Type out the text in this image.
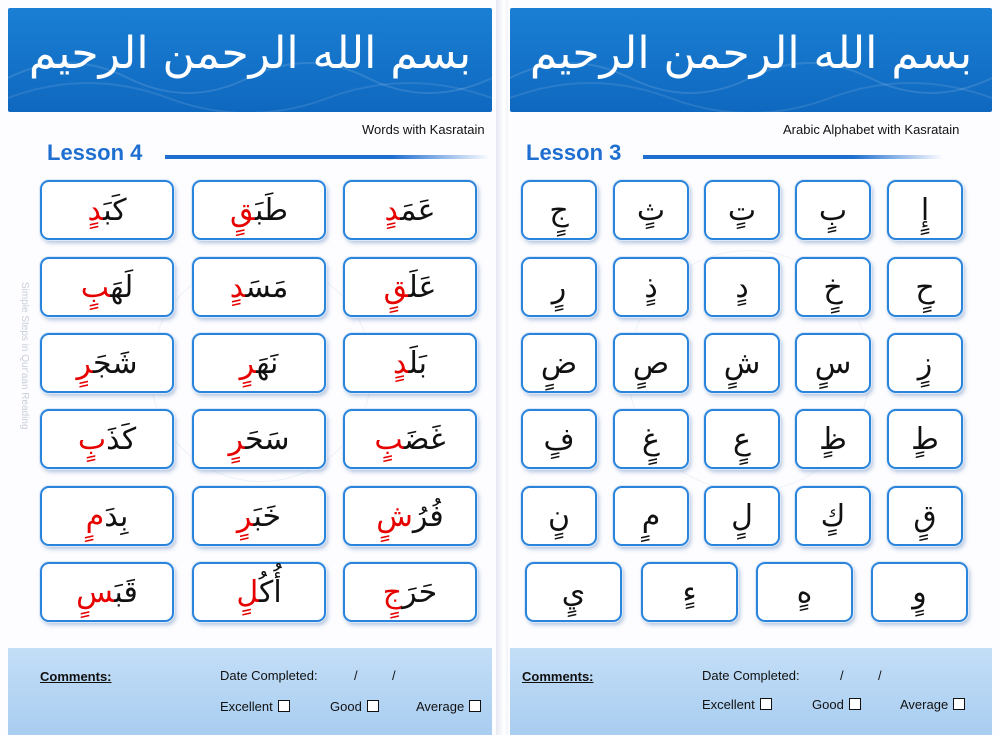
بسم الله الرحمن الرحيم
Words with Kasratain
Lesson 4
Simple Steps in Qur'aan Reading
عَمَدٍ
طَبَقٍ
كَبَدٍ
عَلَقٍ
مَسَدٍ
لَهَبٍ
بَلَدٍ
نَهَرٍ
شَجَرٍ
غَضَبٍ
سَحَرٍ
كَذَبٍ
فُرُشٍ
خَبَرٍ
بِدَمٍ
حَرَجٍ
أُكُلٍ
قَبَسٍ
Comments:	Date Completed:	/	/
Excellent	Good	Average
بسم الله الرحمن الرحيم
Arabic Alphabet with Kasratain
Lesson 3
إٍ
بٍ
تٍ
ثٍ
جٍ
حٍ
خٍ
دٍ
ذٍ
رٍ
زٍ
سٍ
شٍ
صٍ
ضٍ
طٍ
ظٍ
عٍ
غٍ
فٍ
قٍ
كٍ
لٍ
مٍ
نٍ
وٍ
هٍ
ءٍ
يٍ
Comments:	Date Completed:	/	/
Excellent	Good	Average
